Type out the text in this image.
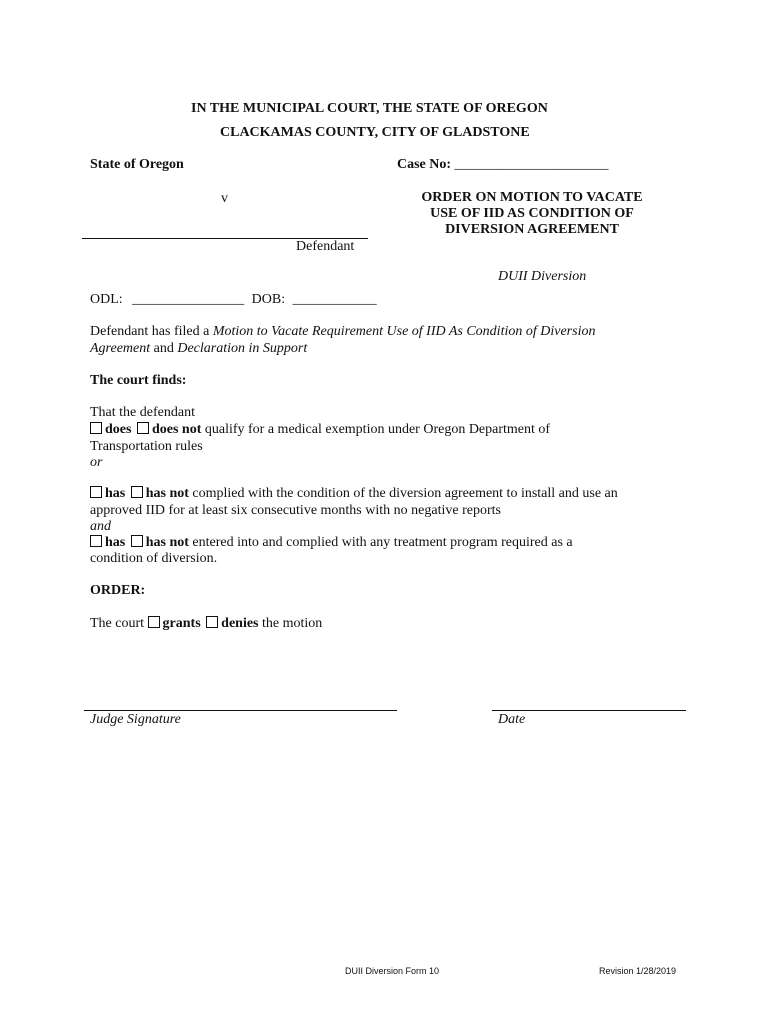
IN THE MUNICIPAL COURT, THE STATE OF OREGON
CLACKAMAS COUNTY, CITY OF GLADSTONE
State of Oregon
v
Defendant
Case No: ______________________
ORDER ON MOTION TO VACATE
USE OF IID AS CONDITION OF
DIVERSION AGREEMENT
DUII Diversion
ODL: ________________ DOB: ____________
Defendant has filed a Motion to Vacate Requirement Use of IID As Condition of Diversion
Agreement and Declaration in Support
The court finds:
That the defendant
does does not qualify for a medical exemption under Oregon Department of
Transportation rules
or
has has not complied with the condition of the diversion agreement to install and use an
approved IID for at least six consecutive months with no negative reports
and
has has not entered into and complied with any treatment program required as a
condition of diversion.
ORDER:
The court grants denies the motion
Judge Signature	Date
DUII Diversion Form 10	Revision 1/28/2019
